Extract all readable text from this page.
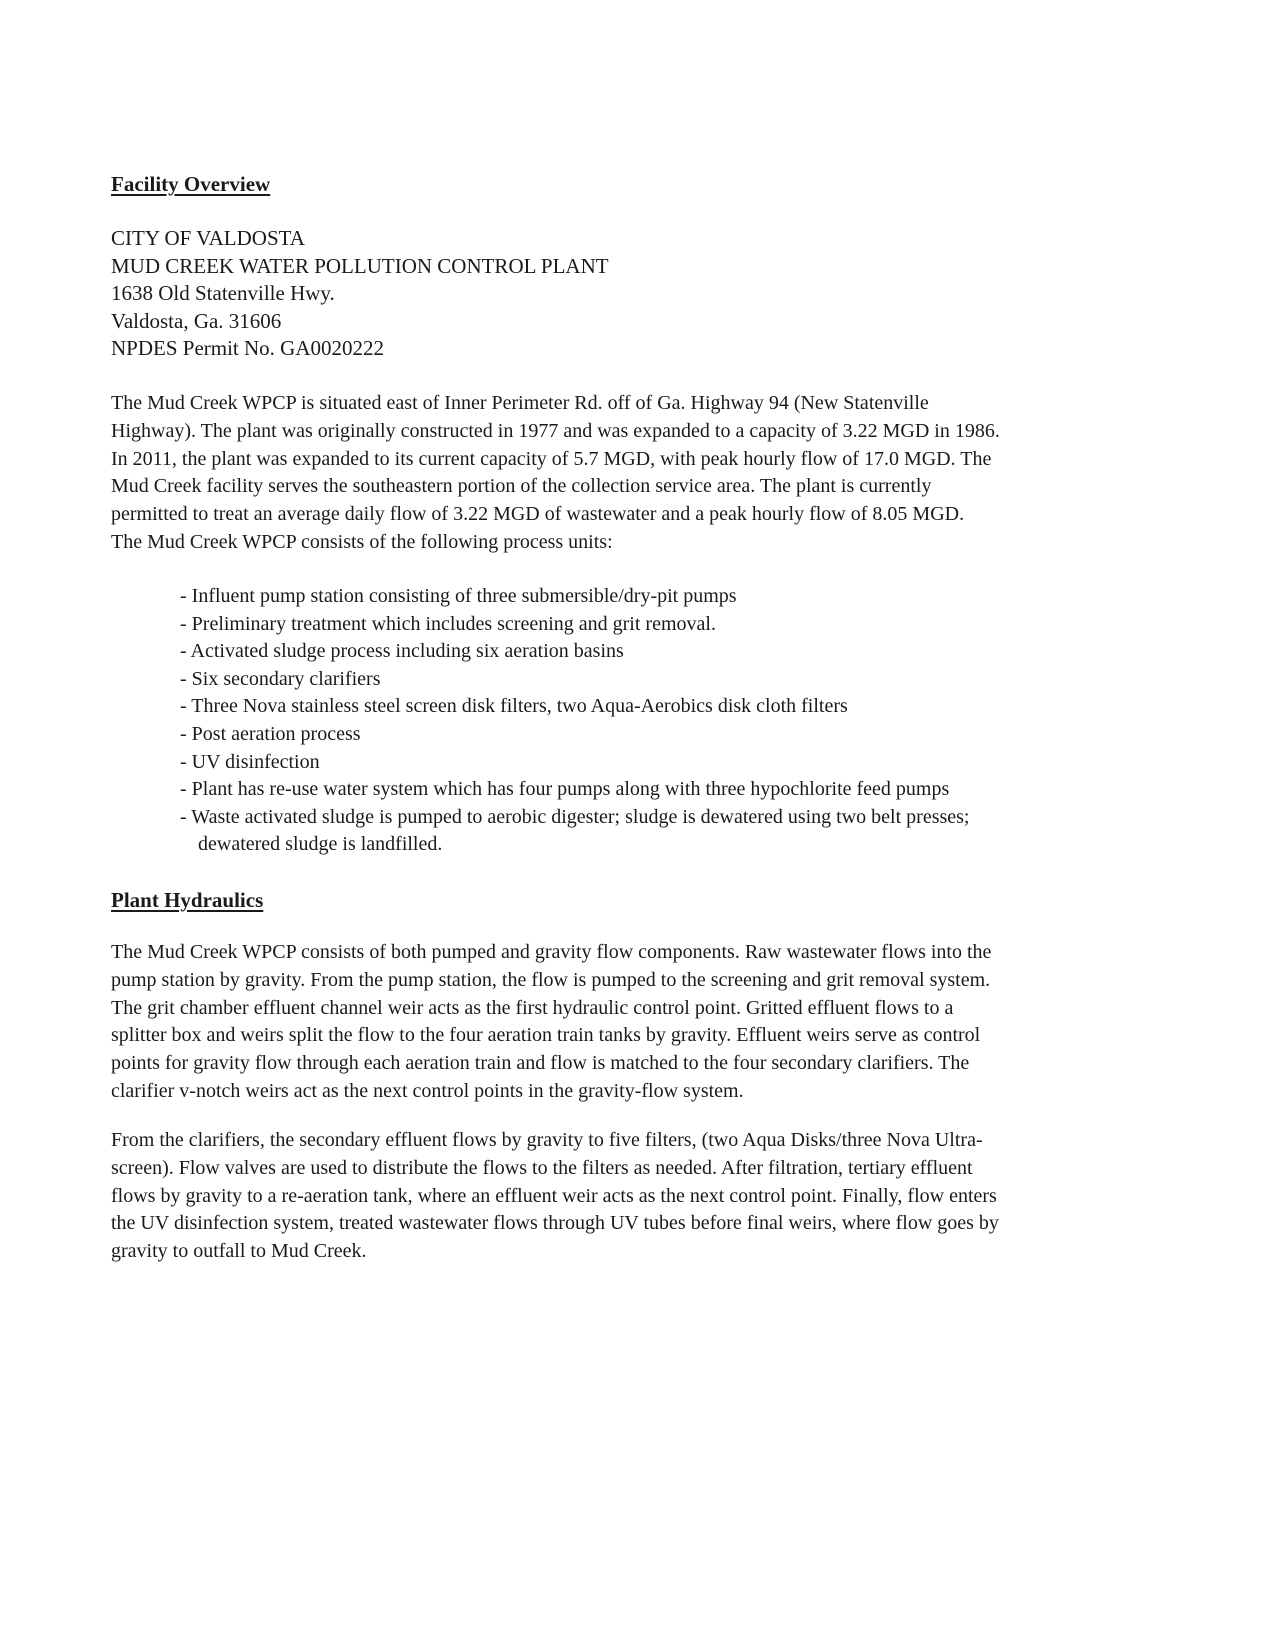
Facility Overview
CITY OF VALDOSTA
MUD CREEK WATER POLLUTION CONTROL PLANT
1638 Old Statenville Hwy.
Valdosta, Ga. 31606
NPDES Permit No. GA0020222
The Mud Creek WPCP is situated east of Inner Perimeter Rd. off of Ga. Highway 94 (New Statenville
Highway). The plant was originally constructed in 1977 and was expanded to a capacity of 3.22 MGD in 1986.
In 2011, the plant was expanded to its current capacity of 5.7 MGD, with peak hourly flow of 17.0 MGD. The
Mud Creek facility serves the southeastern portion of the collection service area. The plant is currently
permitted to treat an average daily flow of 3.22 MGD of wastewater and a peak hourly flow of 8.05 MGD.
The Mud Creek WPCP consists of the following process units:
- Influent pump station consisting of three submersible/dry-pit pumps
- Preliminary treatment which includes screening and grit removal.
- Activated sludge process including six aeration basins
- Six secondary clarifiers
- Three Nova stainless steel screen disk filters, two Aqua-Aerobics disk cloth filters
- Post aeration process
- UV disinfection
- Plant has re-use water system which has four pumps along with three hypochlorite feed pumps
- Waste activated sludge is pumped to aerobic digester; sludge is dewatered using two belt presses;
dewatered sludge is landfilled.
Plant Hydraulics
The Mud Creek WPCP consists of both pumped and gravity flow components. Raw wastewater flows into the
pump station by gravity. From the pump station, the flow is pumped to the screening and grit removal system.
The grit chamber effluent channel weir acts as the first hydraulic control point. Gritted effluent flows to a
splitter box and weirs split the flow to the four aeration train tanks by gravity. Effluent weirs serve as control
points for gravity flow through each aeration train and flow is matched to the four secondary clarifiers. The
clarifier v-notch weirs act as the next control points in the gravity-flow system.
From the clarifiers, the secondary effluent flows by gravity to five filters, (two Aqua Disks/three Nova Ultra-
screen). Flow valves are used to distribute the flows to the filters as needed. After filtration, tertiary effluent
flows by gravity to a re-aeration tank, where an effluent weir acts as the next control point. Finally, flow enters
the UV disinfection system, treated wastewater flows through UV tubes before final weirs, where flow goes by
gravity to outfall to Mud Creek.
